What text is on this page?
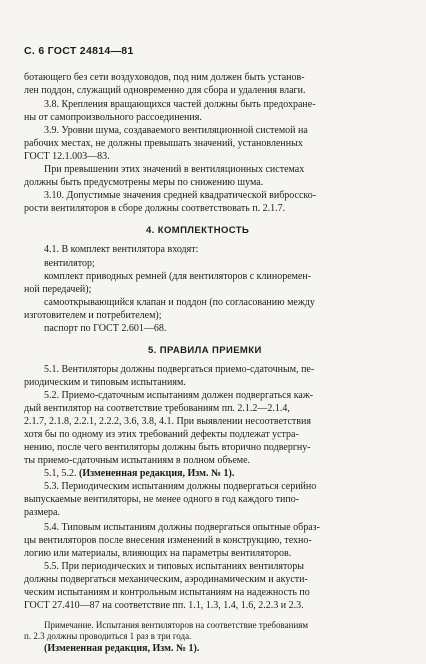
С. 6 ГОСТ 24814—81
ботающего без сети воздуховодов, под ним должен быть установ-
лен поддон, служащий одновременно для сбора и удаления влаги.
3.8. Крепления вращающихся частей должны быть предохране-
ны от самопроизвольного рассоединения.
3.9. Уровни шума, создаваемого вентиляционной системой на
рабочих местах, не должны превышать значений, установленных
ГОСТ 12.1.003—83.
При превышении этих значений в вентиляционных системах
должны быть предусмотрены меры по снижению шума.
3.10. Допустимые значения средней квадратической вибросско-
рости вентиляторов в сборе должны соответствовать п. 2.1.7.
4. КОМПЛЕКТНОСТЬ
4.1. В комплект вентилятора входят:
вентилятор;
комплект приводных ремней (для вентиляторов с клиноремен-
ной передачей);
самооткрывающийся клапан и поддон (по согласованию между
изготовителем и потребителем);
паспорт по ГОСТ 2.601—68.
5. ПРАВИЛА ПРИЕМКИ
5.1. Вентиляторы должны подвергаться приемо-сдаточным, пе-
риодическим и типовым испытаниям.
5.2. Приемо-сдаточным испытаниям должен подвергаться каж-
дый вентилятор на соответствие требованиям пп. 2.1.2—2.1.4,
2.1.7, 2.1.8, 2.2.1, 2.2.2, 3.6, 3.8, 4.1. При выявлении несоответствия
хотя бы по одному из этих требований дефекты подлежат устра-
нению, после чего вентиляторы должны быть вторично подвергну-
ты приемо-сдаточным испытаниям в полном объеме.
5.1, 5.2. (Измененная редакция, Изм. № 1).
5.3. Периодическим испытаниям должны подвергаться серийно
выпускаемые вентиляторы, не менее одного в год каждого типо-
размера.
5.4. Типовым испытаниям должны подвергаться опытные образ-
цы вентиляторов после внесения изменений в конструкцию, техно-
логию или материалы, влияющих на параметры вентиляторов.
5.5. При периодических и типовых испытаниях вентиляторы
должны подвергаться механическим, аэродинамическим и акусти-
ческим испытаниям и контрольным испытаниям на надежность по
ГОСТ 27.410—87 на соответствие пп. 1.1, 1.3, 1.4, 1.6, 2.2.3 и 2.3.
Примечание. Испытания вентиляторов на соответствие требованиям
п. 2.3 должны проводиться 1 раз в три года.
(Измененная редакция, Изм. № 1).
